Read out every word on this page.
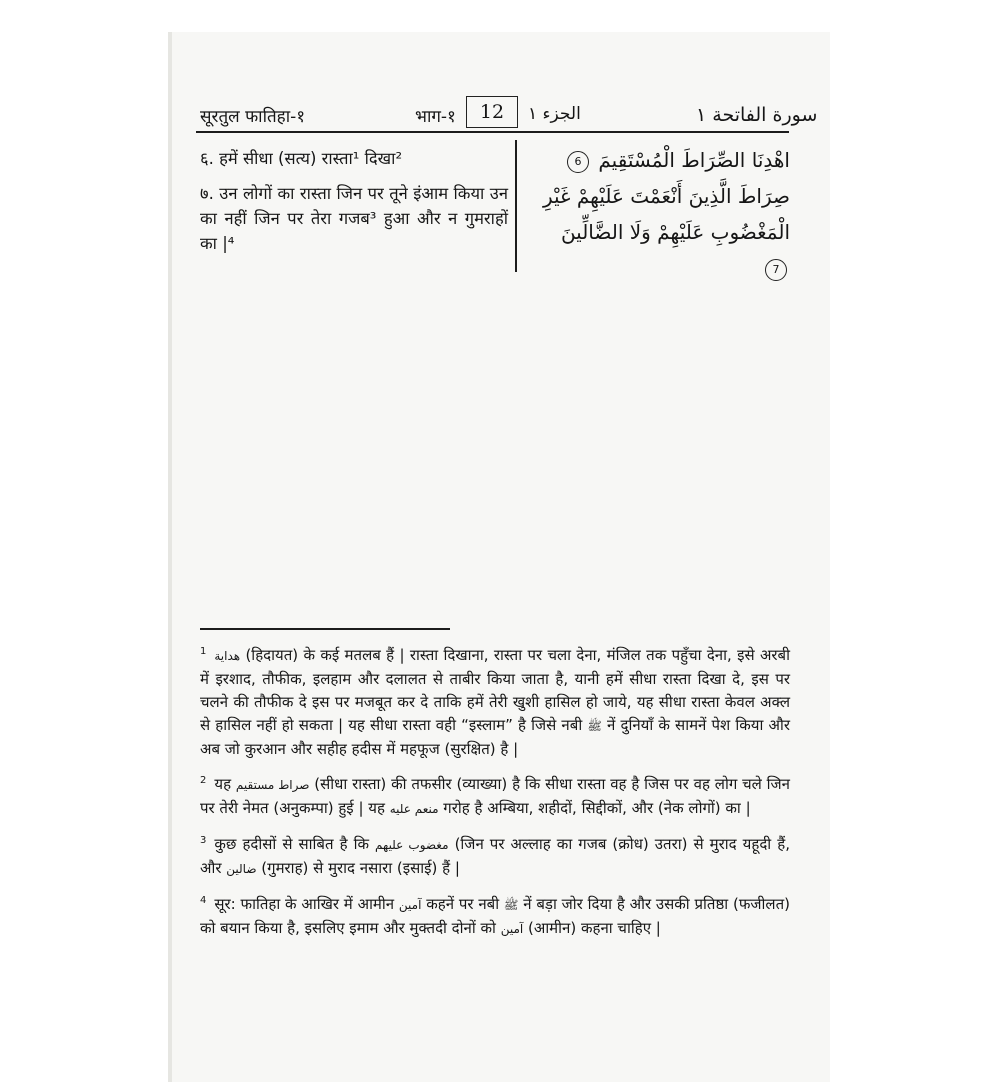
सूरतुल फातिहा-१	भाग-१	12	الجزء ١	سورة الفاتحة ١

६. हमें सीधा (सत्य) रास्ता¹ दिखा²

७. उन लोगों का रास्ता जिन पर तूने इंआम किया उन का नहीं जिन पर तेरा गजब³ हुआ और न गुमराहों का |⁴

اهْدِنَا الصِّرَاطَ الْمُسْتَقِيمَ 6
صِرَاطَ الَّذِينَ أَنْعَمْتَ عَلَيْهِمْ غَيْرِ الْمَغْضُوبِ عَلَيْهِمْ وَلَا الضَّالِّينَ 7

$^1$ هداية (हिदायत) के कई मतलब हैं | रास्ता दिखाना, रास्ता पर चला देना, मंजिल तक पहुँचा देना, इसे अरबी में इरशाद, तौफीक, इलहाम और दलालत से ताबीर किया जाता है, यानी हमें सीधा रास्ता दिखा दे, इस पर चलने की तौफीक दे इस पर मजबूत कर दे ताकि हमें तेरी खुशी हासिल हो जाये, यह सीधा रास्ता केवल अक्ल से हासिल नहीं हो सकता | यह सीधा रास्ता वही “इस्लाम” है जिसे नबी ﷺ नें दुनियाँ के सामनें पेश किया और अब जो कुरआन और सहीह हदीस में महफूज (सुरक्षित) है |

$^2$ यह صراط مستقيم (सीधा रास्ता) की तफसीर (व्याख्या) है कि सीधा रास्ता वह है जिस पर वह लोग चले जिन पर तेरी नेमत (अनुकम्पा) हुई | यह منعم عليه गरोह है अम्बिया, शहीदों, सिद्दीकों, और (नेक लोगों) का |

$^3$ कुछ हदीसों से साबित है कि مغضوب عليهم (जिन पर अल्लाह का गजब (क्रोध) उतरा) से मुराद यहूदी हैं, और ضالين (गुमराह) से मुराद नसारा (इसाई) हैं |

$^4$ सूर: फातिहा के आखिर में आमीन آمين कहनें पर नबी ﷺ नें बड़ा जोर दिया है और उसकी प्रतिष्ठा (फजीलत) को बयान किया है, इसलिए इमाम और मुक्तदी दोनों को آمين (आमीन) कहना चाहिए |
